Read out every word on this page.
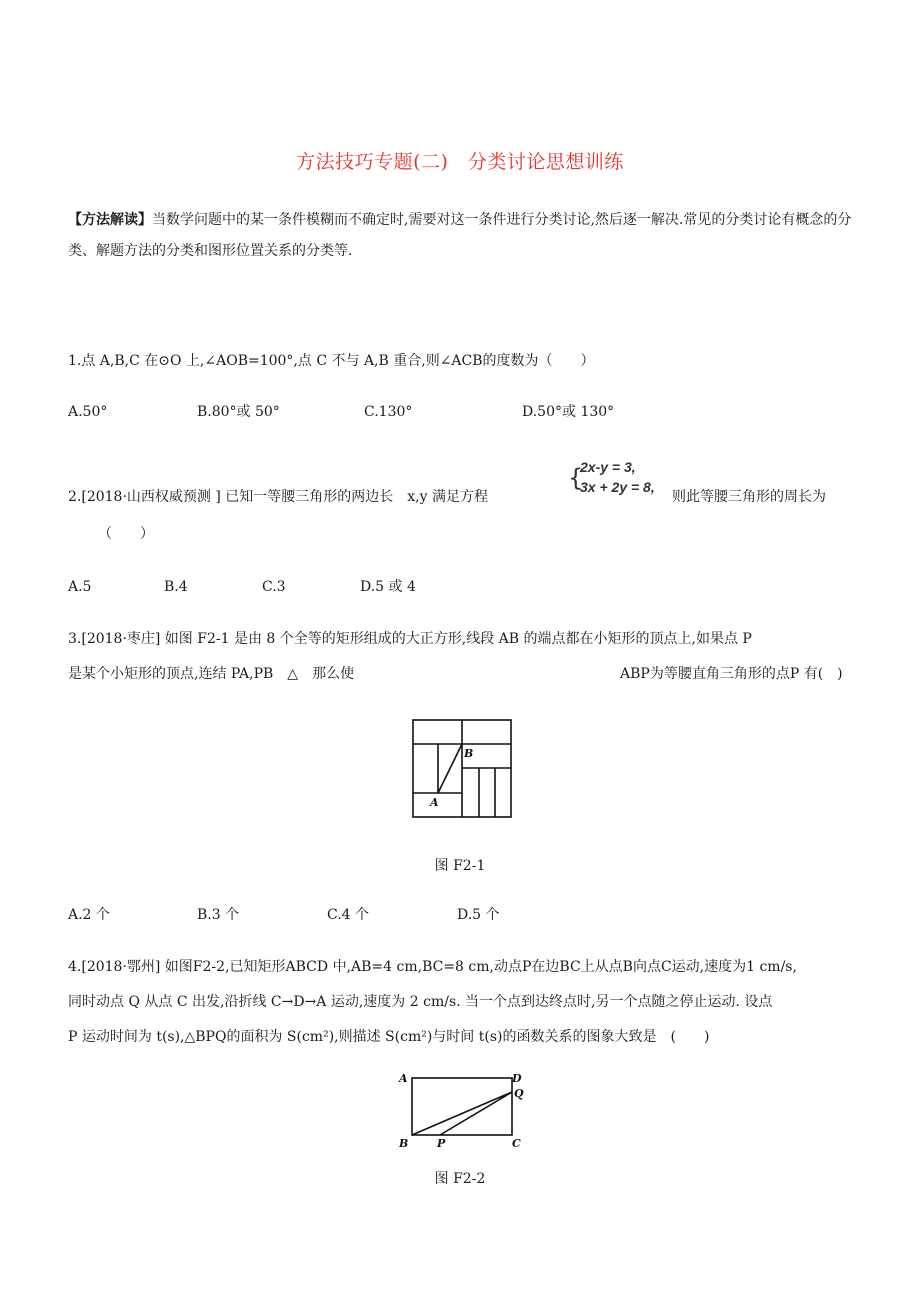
方法技巧专题(二)　分类讨论思想训练
【方法解读】当数学问题中的某一条件模糊而不确定时,需要对这一条件进行分类讨论,然后逐一解决.常见的分类讨论有概念的分类、解题方法的分类和图形位置关系的分类等.
1.点 A,B,C 在⊙O 上,∠AOB=100°,点 C 不与 A,B 重合,则∠ACB的度数为（　　）
A.50°	B.80°或 50°	C.130°	D.50°或 130°
2.[2018·山西权威预测 ] 已知一等腰三角形的两边长　x,y 满足方程
{
2x-y = 3,
3x + 2y = 8,
则此等腰三角形的周长为
（　　）
A.5	B.4	C.3	D.5 或 4
3.[2018·枣庄] 如图 F2-1 是由 8 个全等的矩形组成的大正方形,线段 AB 的端点都在小矩形的顶点上,如果点 P
是某个小矩形的顶点,连结 PA,PB　△　那么使	ABP为等腰直角三角形的点P 有(　)
A
B
图 F2-1
A.2 个	B.3 个	C.4 个	D.5 个
4.[2018·鄂州] 如图F2-2,已知矩形ABCD 中,AB=4 cm,BC=8 cm,动点P在边BC上从点B向点C运动,速度为1 cm/s,
同时动点 Q 从点 C 出发,沿折线 C→D→A 运动,速度为 2 cm/s. 当一个点到达终点时,另一个点随之停止运动. 设点
P 运动时间为 t(s),△BPQ的面积为 S(cm²),则描述 S(cm²)与时间 t(s)的函数关系的图象大致是　(　　)
A	D
Q
B	P	C
图 F2-2
